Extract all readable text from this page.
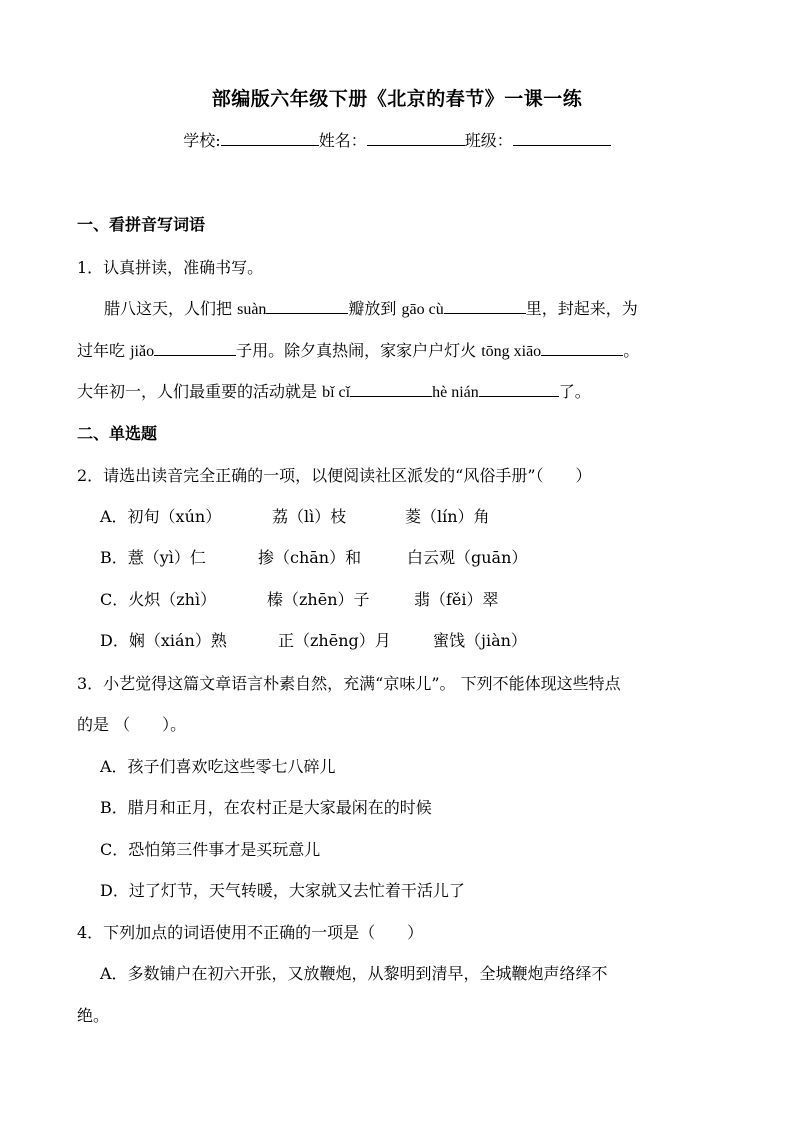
部编版六年级下册《北京的春节》一课一练
学校:	姓名：	班级：
一、看拼音写词语
1．认真拼读，准确书写。
腊八这天，人们把 suàn	瓣放到 gāo cù	里，封起来，为
过年吃 jiǎo	子用。除夕真热闹，家家户户灯火 tōng xiāo	。
大年初一，人们最重要的活动就是 bǐ cǐ	hè nián	了。
二、单选题
2．请选出读音完全正确的一项，以便阅读社区派发的“风俗手册”（　　）
A．初旬（xún）	荔（lì）枝	菱（lín）角
B．薏（yì）仁	掺（chān）和	白云观（guān）
C．火炽（zhì）	榛（zhēn）子	翡（fěi）翠
D．娴（xián）熟	正（zhēng）月	蜜饯（jiàn）
3．小艺觉得这篇文章语言朴素自然，充满“京味儿”。 下列不能体现这些特点
的是 （　　）。
A．孩子们喜欢吃这些零七八碎儿
B．腊月和正月，在农村正是大家最闲在的时候
C．恐怕第三件事才是买玩意儿
D．过了灯节，天气转暖，大家就又去忙着干活儿了
4．下列加点的词语使用不正确的一项是（　　）
A．多数铺户在初六开张，又放鞭炮，从黎明到清早，全城鞭炮声络绎不
绝。
